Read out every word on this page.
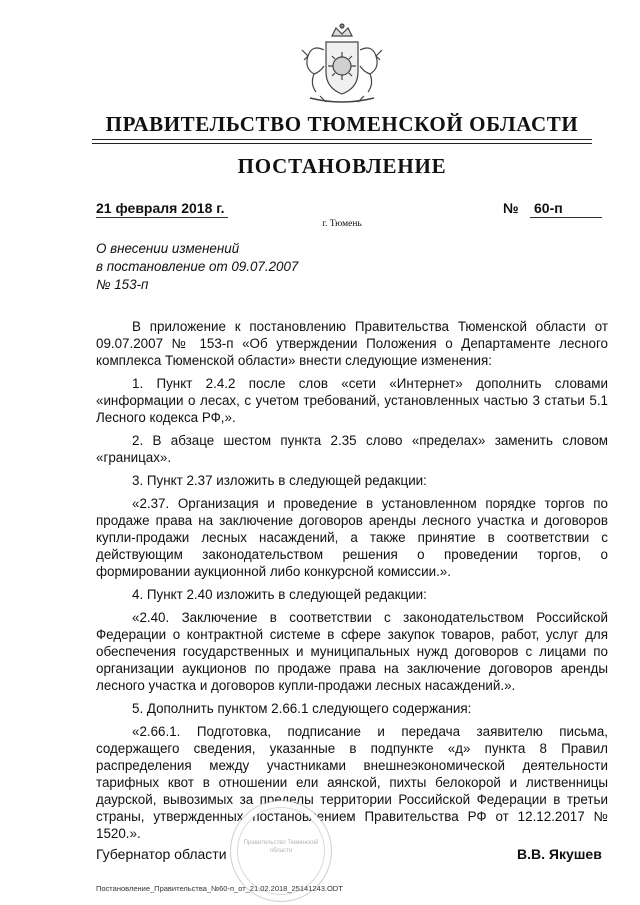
ПРАВИТЕЛЬСТВО ТЮМЕНСКОЙ ОБЛАСТИ
ПОСТАНОВЛЕНИЕ
21 февраля 2018 г.	№ 60-п
г. Тюмень
О внесении изменений
в постановление от 09.07.2007
№ 153-п

В приложение к постановлению Правительства Тюменской области от 09.07.2007 № 153-п «Об утверждении Положения о Департаменте лесного комплекса Тюменской области» внести следующие изменения:

1. Пункт 2.4.2 после слов «сети «Интернет» дополнить словами «информации о лесах, с учетом требований, установленных частью 3 статьи 5.1 Лесного кодекса РФ,».

2. В абзаце шестом пункта 2.35 слово «пределах» заменить словом «границах».

3. Пункт 2.37 изложить в следующей редакции:

«2.37. Организация и проведение в установленном порядке торгов по продаже права на заключение договоров аренды лесного участка и договоров купли-продажи лесных насаждений, а также принятие в соответствии с действующим законодательством решения о проведении торгов, о формировании аукционной либо конкурсной комиссии.».

4. Пункт 2.40 изложить в следующей редакции:

«2.40. Заключение в соответствии с законодательством Российской Федерации о контрактной системе в сфере закупок товаров, работ, услуг для обеспечения государственных и муниципальных нужд договоров с лицами по организации аукционов по продаже права на заключение договоров аренды лесного участка и договоров купли-продажи лесных насаждений.».

5. Дополнить пунктом 2.66.1 следующего содержания:

«2.66.1. Подготовка, подписание и передача заявителю письма, содержащего сведения, указанные в подпункте «д» пункта 8 Правил распределения между участниками внешнеэкономической деятельности тарифных квот в отношении ели аянской, пихты белокорой и лиственницы даурской, вывозимых за пределы территории Российской Федерации в третьи страны, утвержденных постановлением Правительства РФ от 12.12.2017 № 1520.».

Правительство Тюменской области
Губернатор области	В.В. Якушев
Постановление_Правительства_№60-п_от_21.02.2018_25141243.ODT
